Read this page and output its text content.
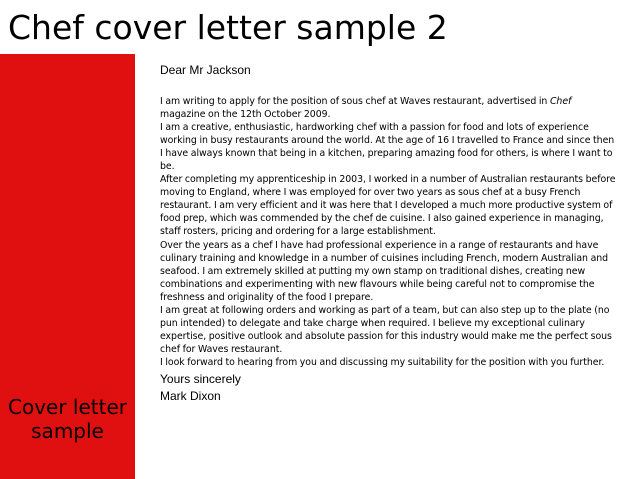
Chef cover letter sample 2

Cover letter sample

Dear Mr Jackson

I am writing to apply for the position of sous chef at Waves restaurant, advertised in Chef magazine on the 12th October 2009.

I am a creative, enthusiastic, hardworking chef with a passion for food and lots of experience working in busy restaurants around the world. At the age of 16 I travelled to France and since then I have always known that being in a kitchen, preparing amazing food for others, is where I want to be.

After completing my apprenticeship in 2003, I worked in a number of Australian restaurants before moving to England, where I was employed for over two years as sous chef at a busy French restaurant. I am very efficient and it was here that I developed a much more productive system of food prep, which was commended by the chef de cuisine. I also gained experience in managing, staff rosters, pricing and ordering for a large establishment.

Over the years as a chef I have had professional experience in a range of restaurants and have culinary training and knowledge in a number of cuisines including French, modern Australian and seafood. I am extremely skilled at putting my own stamp on traditional dishes, creating new combinations and experimenting with new flavours while being careful not to compromise the freshness and originality of the food I prepare.

I am great at following orders and working as part of a team, but can also step up to the plate (no pun intended) to delegate and take charge when required. I believe my exceptional culinary expertise, positive outlook and absolute passion for this industry would make me the perfect sous chef for Waves restaurant.

I look forward to hearing from you and discussing my suitability for the position with you further.

Yours sincerely

Mark Dixon
